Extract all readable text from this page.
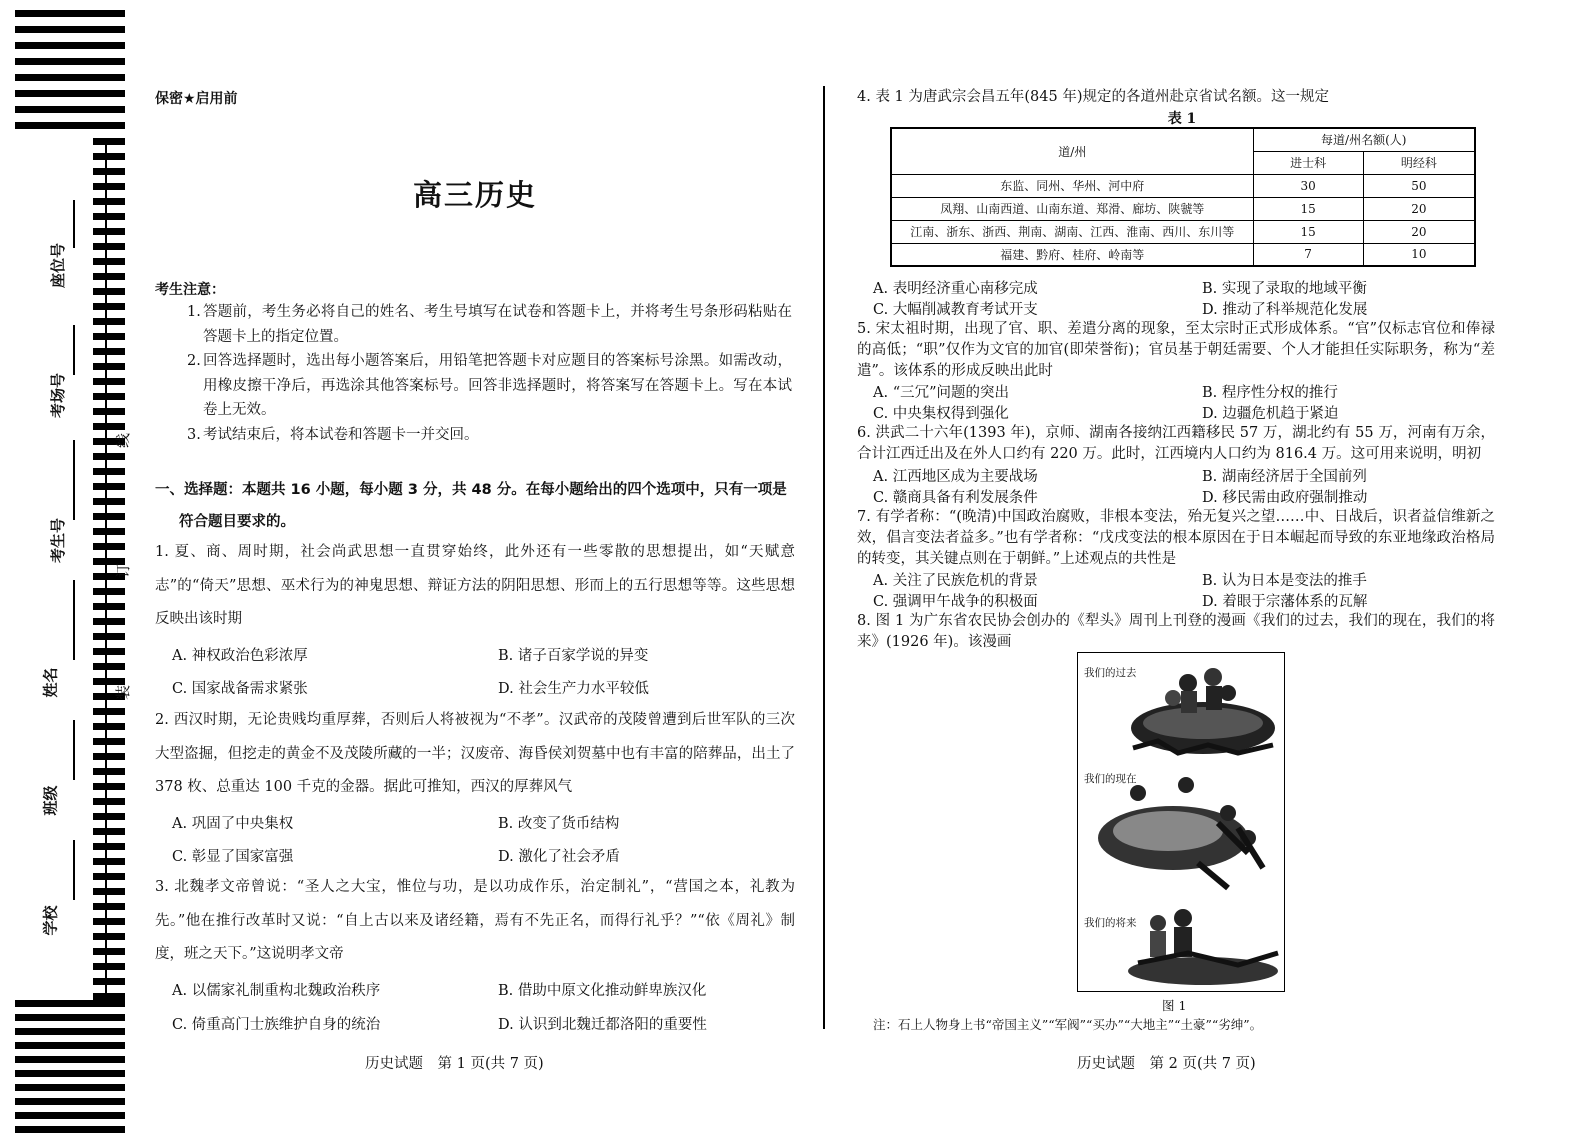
座位号
考场号
考生号
姓名
班级
学校
线
订
装
保密★启用前
高三历史
考生注意：
1. 答题前，考生务必将自己的姓名、考生号填写在试卷和答题卡上，并将考生号条形码粘贴在答题卡上的指定位置。
2. 回答选择题时，选出每小题答案后，用铅笔把答题卡对应题目的答案标号涂黑。如需改动，用橡皮擦干净后，再选涂其他答案标号。回答非选择题时，将答案写在答题卡上。写在本试卷上无效。
3. 考试结束后，将本试卷和答题卡一并交回。
一、选择题：本题共 16 小题，每小题 3 分，共 48 分。在每小题给出的四个选项中，只有一项是
符合题目要求的。
1. 夏、商、周时期，社会尚武思想一直贯穿始终，此外还有一些零散的思想提出，如“天赋意志”的“倚天”思想、巫术行为的神鬼思想、辩证方法的阴阳思想、形而上的五行思想等等。这些思想反映出该时期
A. 神权政治色彩浓厚	B. 诸子百家学说的异变
C. 国家战备需求紧张	D. 社会生产力水平较低
2. 西汉时期，无论贵贱均重厚葬，否则后人将被视为“不孝”。汉武帝的茂陵曾遭到后世军队的三次大型盗掘，但挖走的黄金不及茂陵所藏的一半；汉废帝、海昏侯刘贺墓中也有丰富的陪葬品，出土了 378 枚、总重达 100 千克的金器。据此可推知，西汉的厚葬风气
A. 巩固了中央集权	B. 改变了货币结构
C. 彰显了国家富强	D. 激化了社会矛盾
3. 北魏孝文帝曾说：“圣人之大宝，惟位与功，是以功成作乐，治定制礼”，“营国之本，礼教为先。”他在推行改革时又说：“自上古以来及诸经籍，焉有不先正名，而得行礼乎？”“依《周礼》制度，班之天下。”这说明孝文帝
A. 以儒家礼制重构北魏政治秩序	B. 借助中原文化推动鲜卑族汉化
C. 倚重高门士族维护自身的统治	D. 认识到北魏迁都洛阳的重要性
历史试题　第 1 页(共 7 页)
4. 表 1 为唐武宗会昌五年(845 年)规定的各道州赴京省试名额。这一规定
表 1
道/州	每道/州名额(人)	
	进士科	明经科
东监、同州、华州、河中府	30	50
凤翔、山南西道、山南东道、郑滑、廊坊、陕虢等	15	20
江南、浙东、浙西、荆南、湖南、江西、淮南、西川、东川等	15	20
福建、黔府、桂府、岭南等	7	10
A. 表明经济重心南移完成	B. 实现了录取的地域平衡
C. 大幅削减教育考试开支	D. 推动了科举规范化发展
5. 宋太祖时期，出现了官、职、差遣分离的现象，至太宗时正式形成体系。“官”仅标志官位和俸禄的高低；“职”仅作为文官的加官(即荣誉衔)；官员基于朝廷需要、个人才能担任实际职务，称为“差遣”。该体系的形成反映出此时
A. “三冗”问题的突出	B. 程序性分权的推行
C. 中央集权得到强化	D. 边疆危机趋于紧迫
6. 洪武二十六年(1393 年)，京师、湖南各接纳江西籍移民 57 万，湖北约有 55 万，河南有万余，合计江西迁出及在外人口约有 220 万。此时，江西境内人口约为 816.4 万。这可用来说明，明初
A. 江西地区成为主要战场	B. 湖南经济居于全国前列
C. 赣商具备有利发展条件	D. 移民需由政府强制推动
7. 有学者称：“(晚清)中国政治腐败，非根本变法，殆无复兴之望……中、日战后，识者益信维新之效，倡言变法者益多。”也有学者称：“戊戌变法的根本原因在于日本崛起而导致的东亚地缘政治格局的转变，其关键点则在于朝鲜。”上述观点的共性是
A. 关注了民族危机的背景	B. 认为日本是变法的推手
C. 强调甲午战争的积极面	D. 着眼于宗藩体系的瓦解
8. 图 1 为广东省农民协会创办的《犁头》周刊上刊登的漫画《我们的过去，我们的现在，我们的将来》(1926 年)。该漫画
我们的过去
我们的现在
我们的将来
图 1
注：石上人物身上书“帝国主义”“军阀”“买办”“大地主”“土豪”“劣绅”。
历史试题　第 2 页(共 7 页)
